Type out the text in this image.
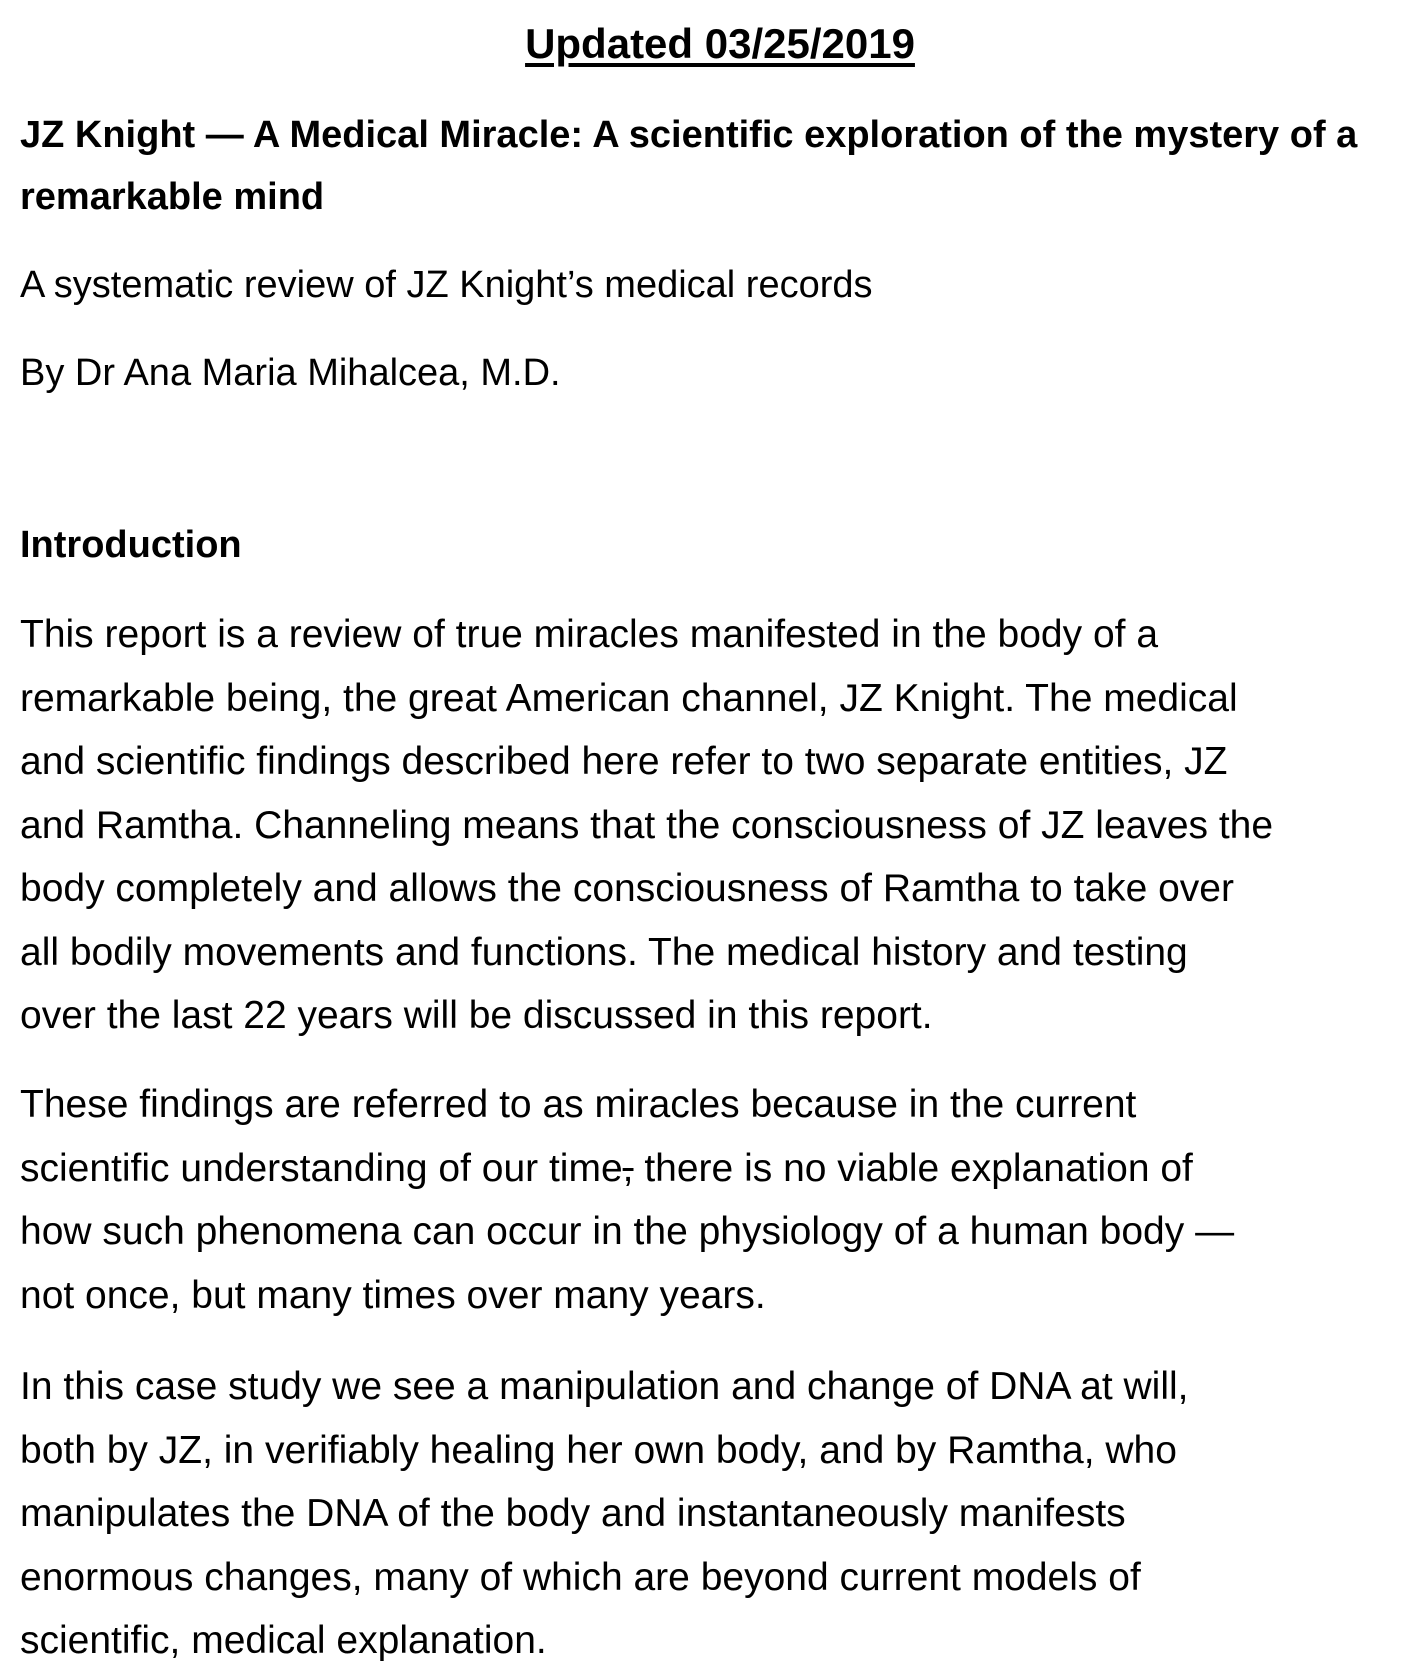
Updated 03/25/2019
JZ Knight — A Medical Miracle: A scientific exploration of the mystery of a remarkable mind
A systematic review of JZ Knight’s medical records
By Dr Ana Maria Mihalcea, M.D.
Introduction
This report is a review of true miracles manifested in the body of a
remarkable being, the great American channel, JZ Knight. The medical
and scientific findings described here refer to two separate entities, JZ
and Ramtha. Channeling means that the consciousness of JZ leaves the
body completely and allows the consciousness of Ramtha to take over
all bodily movements and functions. The medical history and testing
over the last 22 years will be discussed in this report.
These findings are referred to as miracles because in the current
scientific understanding of our time, there is no viable explanation of
how such phenomena can occur in the physiology of a human body —
not once, but many times over many years.
In this case study we see a manipulation and change of DNA at will,
both by JZ, in verifiably healing her own body, and by Ramtha, who
manipulates the DNA of the body and instantaneously manifests
enormous changes, many of which are beyond current models of
scientific, medical explanation.
